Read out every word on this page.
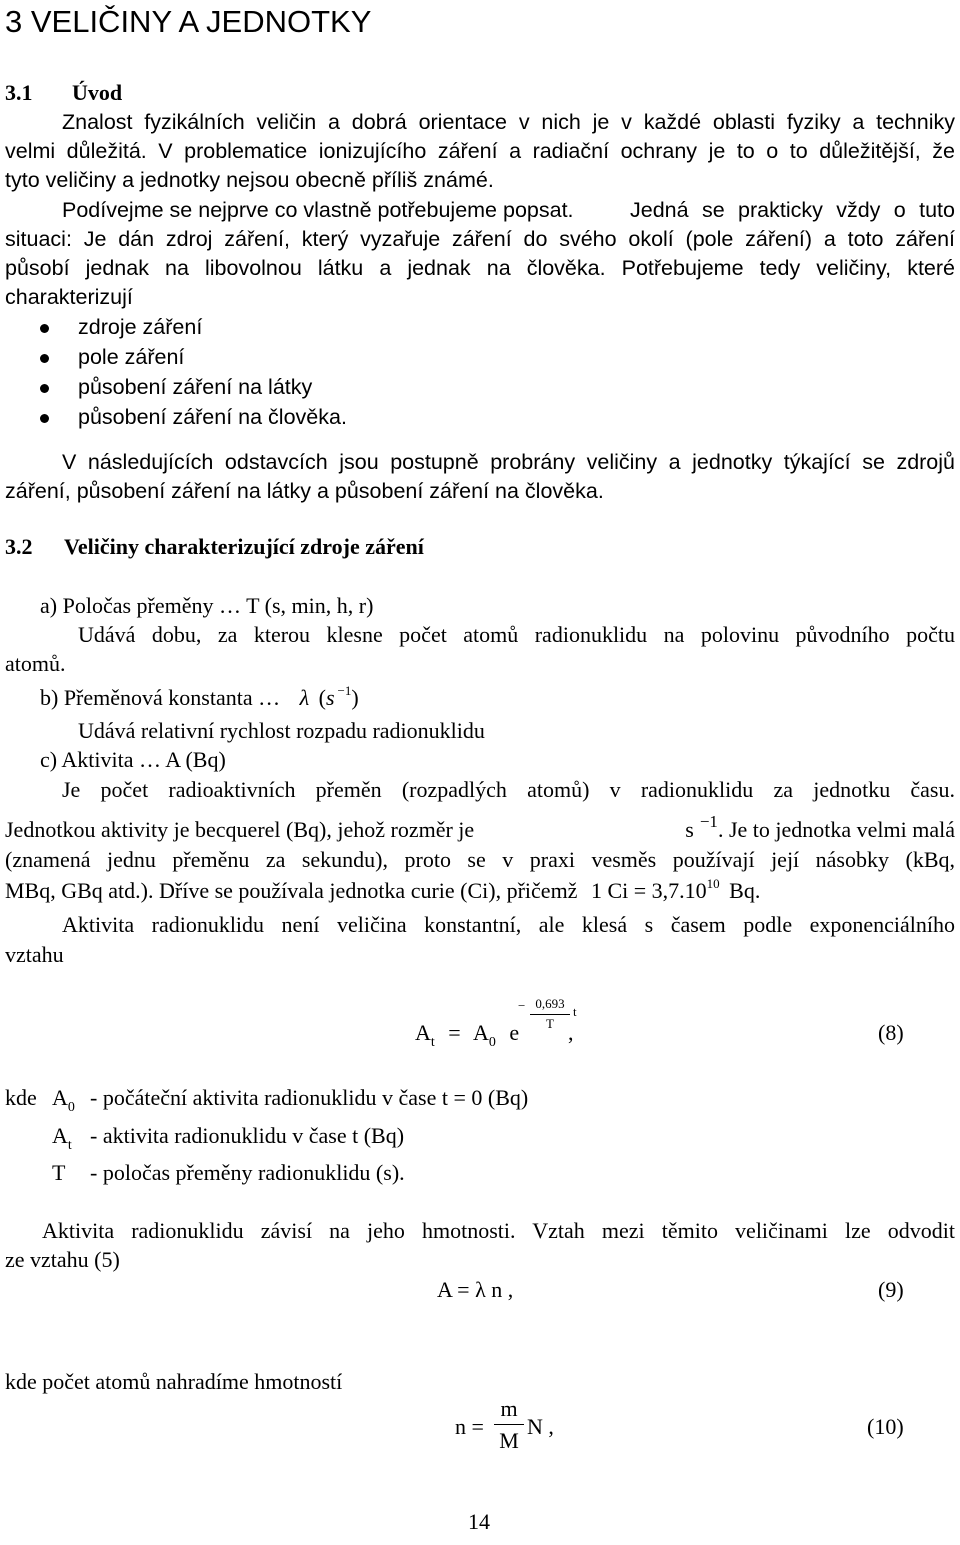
3 VELIČINY A JEDNOTKY
3.1 Úvod
Znalost fyzikálních veličin a dobrá orientace v nich je v každé oblasti fyziky a techniky
velmi důležitá. V problematice ionizujícího záření a radiační ochrany je to o to důležitější, že
tyto veličiny a jednotky nejsou obecně příliš známé.
Podívejme se nejprve co vlastně potřebujeme popsat.	Jedná se prakticky vždy o tuto
situaci: Je dán zdroj záření, který vyzařuje záření do svého okolí (pole záření) a toto záření
působí jednak na libovolnou látku a jednak na člověka. Potřebujeme tedy veličiny, které
charakterizují
zdroje záření
pole záření
působení záření na látky
působení záření na člověka.
V následujících odstavcích jsou postupně probrány veličiny a jednotky týkající se zdrojů
záření, působení záření na látky a působení záření na člověka.
3.2 Veličiny charakterizující zdroje záření
a) Poločas přeměny … T (s, min, h, r)
Udává dobu, za kterou klesne počet atomů radionuklidu na polovinu původního počtu
atomů.
b) Přeměnová konstanta … λ (s $^{-1}$)
Udává relativní rychlost rozpadu radionuklidu
c) Aktivita … A (Bq)
Je počet radioaktivních přeměn (rozpadlých atomů) v radionuklidu za jednotku času.
Jednotkou aktivity je becquerel (Bq), jehož rozměr je	s $^{-1}$. Je to jednotka velmi malá
(znamená jednu přeměnu za sekundu), proto se v praxi vesměs používají její násobky (kBq,
MBq, GBq atd.). Dříve se používala jednotka curie (Ci), přičemž 1 $Ci = 3,7.10^{10}$ Bq.
Aktivita radionuklidu není veličina konstantní, ale klesá s časem podle exponenciálního
vztahu
$A_t = A_0$ e
− 0,693
T
t
,	(8)
kde $A_0$ - počáteční aktivita radionuklidu v čase t = 0 (Bq)
$A_t$ - aktivita radionuklidu v čase t (Bq)
T - poločas přeměny radionuklidu (s).
Aktivita radionuklidu závisí na jeho hmotnosti. Vztah mezi těmito veličinami lze odvodit
ze vztahu (5)
A = λ n ,	(9)
kde počet atomů nahradíme hmotností
n =
m
M
N ,	(10)
14
